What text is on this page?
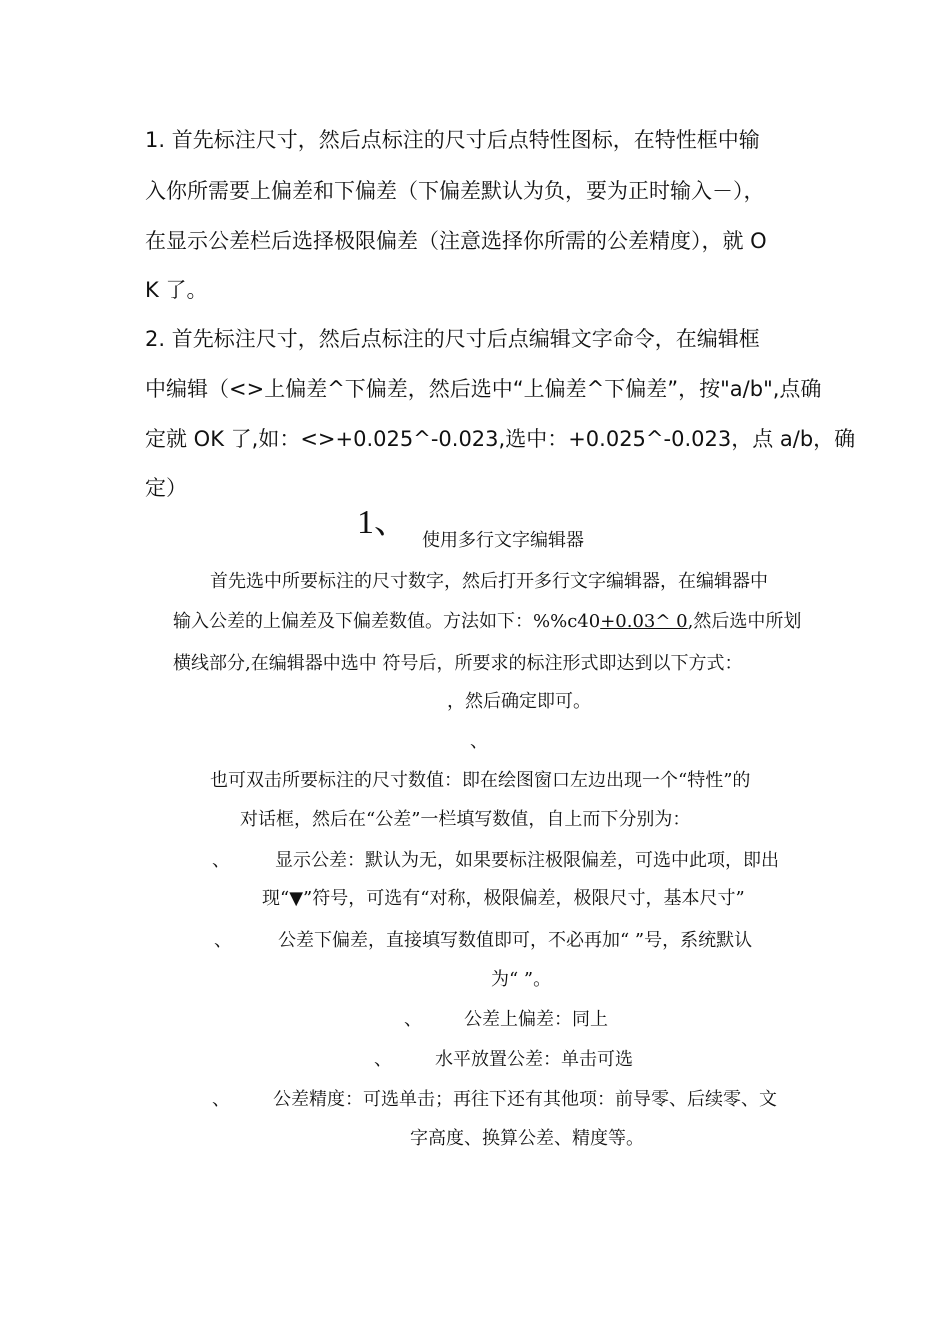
1. 首先标注尺寸，然后点标注的尺寸后点特性图标，在特性框中输
入你所需要上偏差和下偏差（下偏差默认为负，要为正时输入－），
在显示公差栏后选择极限偏差（注意选择你所需的公差精度），就 O
K 了。
2. 首先标注尺寸，然后点标注的尺寸后点编辑文字命令，在编辑框
中编辑（<>上偏差^下偏差，然后选中“上偏差^下偏差”，按"a/b",点确
定就 OK 了,如：<>+0.025^-0.023,选中：+0.025^-0.023，点 a/b，确
定）
1、 使用多行文字编辑器
首先选中所要标注的尺寸数字，然后打开多行文字编辑器，在编辑器中
输入公差的上偏差及下偏差数值。方法如下：%%c40+0.03^ 0,然后选中所划
横线部分,在编辑器中选中 符号后，所要求的标注形式即达到以下方式：
，然后确定即可。
、
也可双击所要标注的尺寸数值：即在绘图窗口左边出现一个“特性”的
对话框，然后在“公差”一栏填写数值，自上而下分别为：
、	显示公差：默认为无，如果要标注极限偏差，可选中此项，即出
现“▼”符号，可选有“对称，极限偏差，极限尺寸，基本尺寸”
、	公差下偏差，直接填写数值即可，不必再加“ ”号，系统默认
为“ ”。
、 公差上偏差：同上
、 水平放置公差：单击可选
、 公差精度：可选单击；再往下还有其他项：前导零、后续零、文
字高度、换算公差、精度等。
